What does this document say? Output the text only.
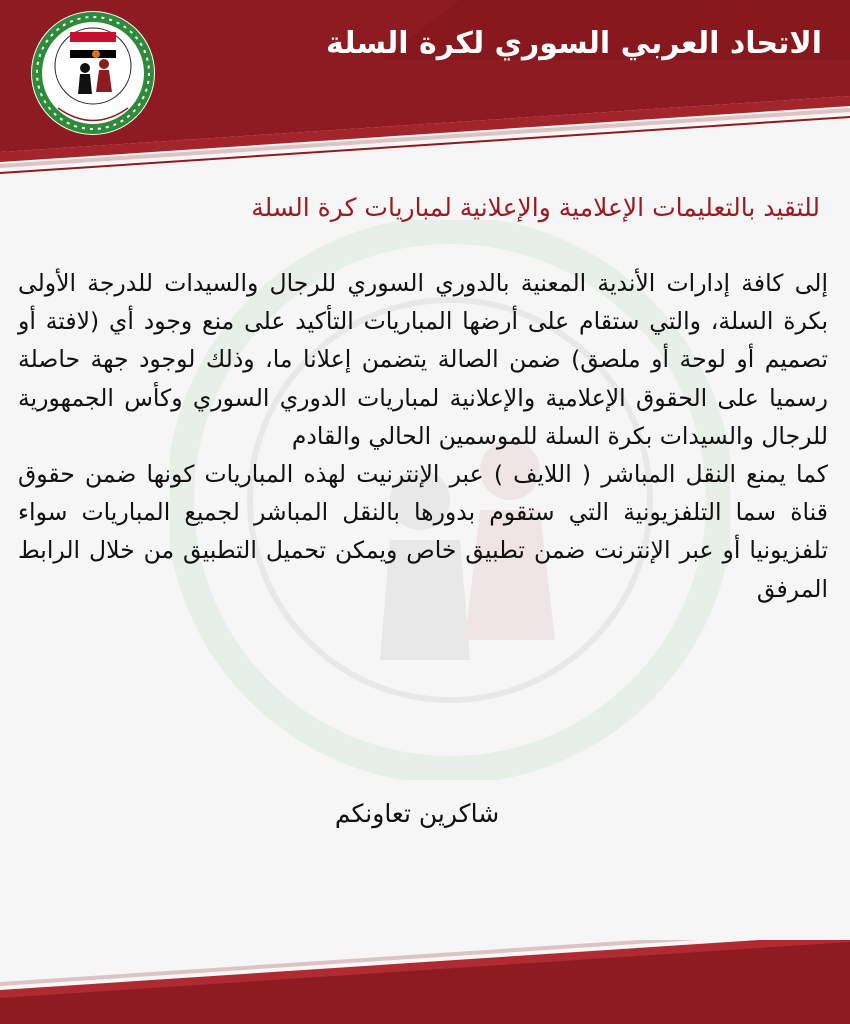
الاتحاد العربي السوري لكرة السلة
للتقيد بالتعليمات الإعلامية والإعلانية لمباريات كرة السلة

إلى كافة إدارات الأندية المعنية بالدوري السوري للرجال والسيدات للدرجة الأولى بكرة السلة، والتي ستقام على أرضها المباريات التأكيد على منع وجود أي (لافتة أو تصميم أو لوحة أو ملصق) ضمن الصالة يتضمن إعلانا ما، وذلك لوجود جهة حاصلة رسميا على الحقوق الإعلامية والإعلانية لمباريات الدوري السوري وكأس الجمهورية للرجال والسيدات بكرة السلة للموسمين الحالي والقادم

كما يمنع النقل المباشر ( اللايف ) عبر الإنترنيت لهذه المباريات كونها ضمن حقوق قناة سما التلفزيونية التي ستقوم بدورها بالنقل المباشر لجميع المباريات سواء تلفزيونيا أو عبر الإنترنت ضمن تطبيق خاص ويمكن تحميل التطبيق من خلال الرابط المرفق

شاكرين تعاونكم
